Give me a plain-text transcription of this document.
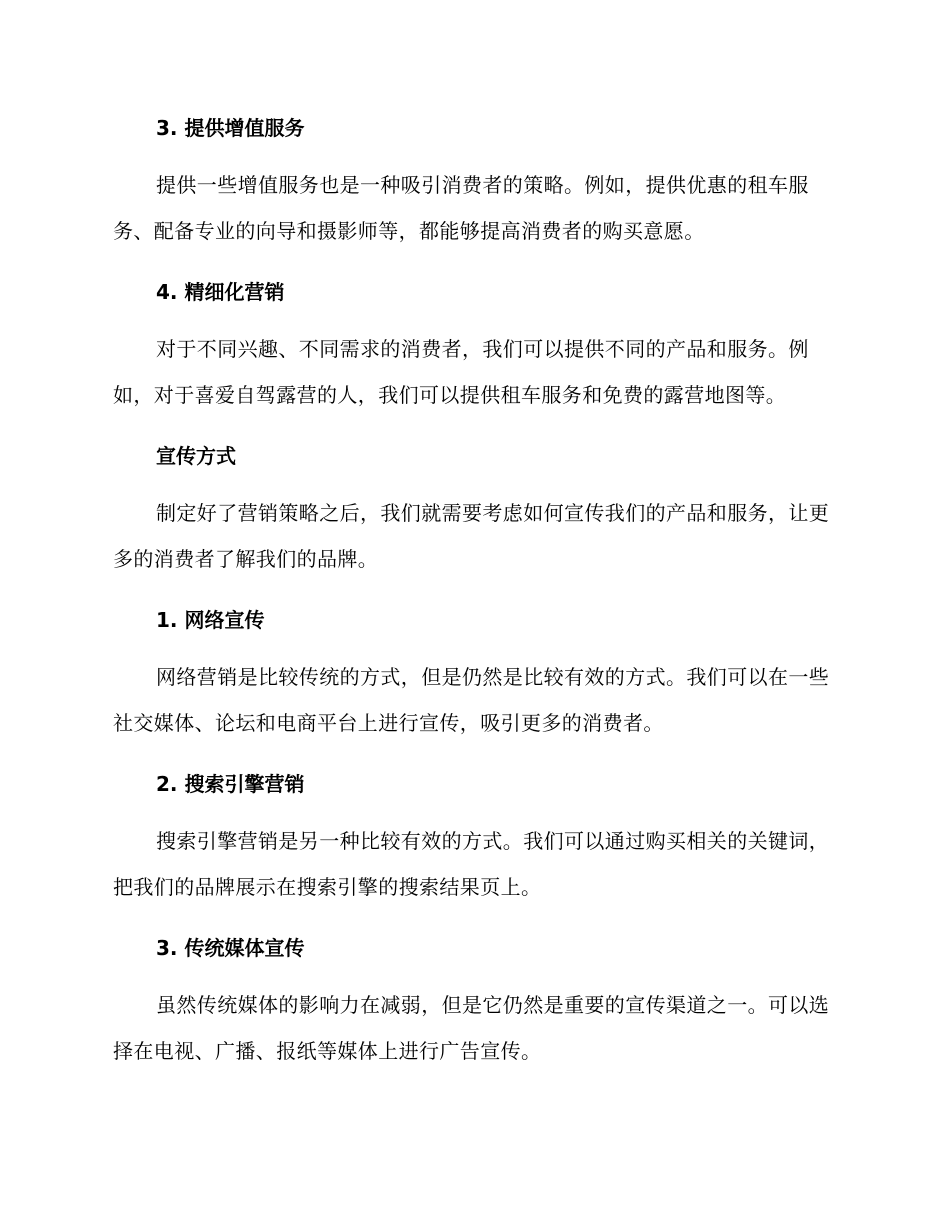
3. 提供增值服务

提供一些增值服务也是一种吸引消费者的策略。例如，提供优惠的租车服务、配备专业的向导和摄影师等，都能够提高消费者的购买意愿。

4. 精细化营销

对于不同兴趣、不同需求的消费者，我们可以提供不同的产品和服务。例如，对于喜爱自驾露营的人，我们可以提供租车服务和免费的露营地图等。

宣传方式

制定好了营销策略之后，我们就需要考虑如何宣传我们的产品和服务，让更多的消费者了解我们的品牌。

1. 网络宣传

网络营销是比较传统的方式，但是仍然是比较有效的方式。我们可以在一些社交媒体、论坛和电商平台上进行宣传，吸引更多的消费者。

2. 搜索引擎营销

搜索引擎营销是另一种比较有效的方式。我们可以通过购买相关的关键词，把我们的品牌展示在搜索引擎的搜索结果页上。

3. 传统媒体宣传

虽然传统媒体的影响力在减弱，但是它仍然是重要的宣传渠道之一。可以选择在电视、广播、报纸等媒体上进行广告宣传。
